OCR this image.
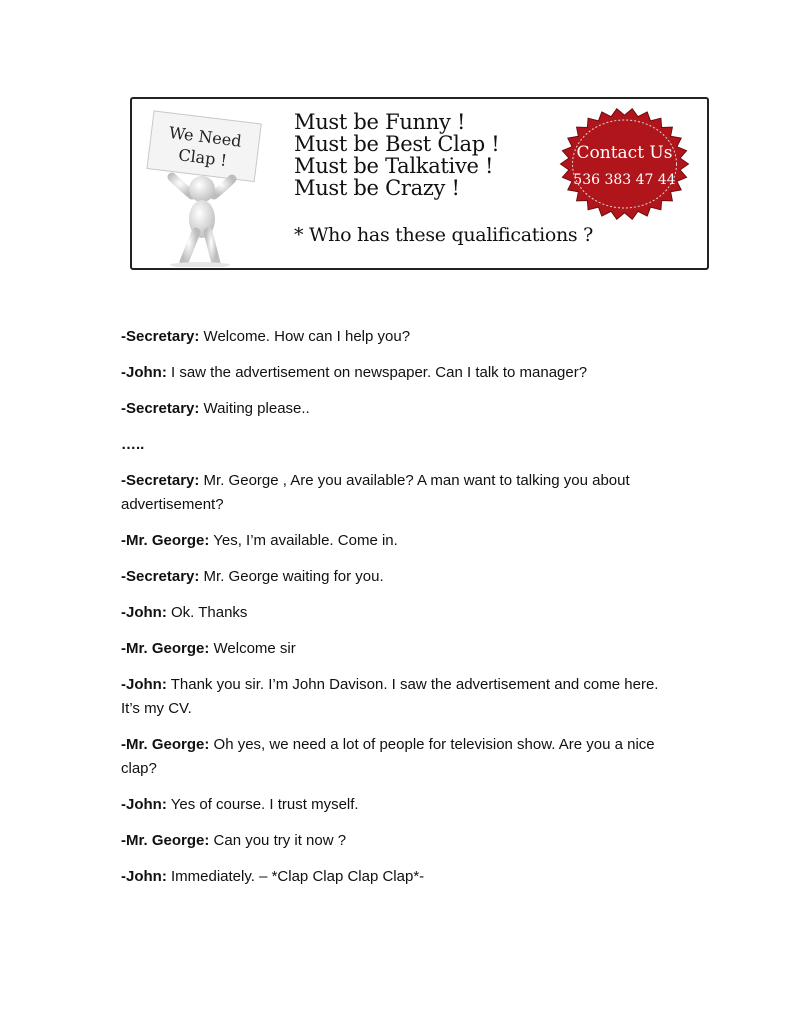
We Need
Clap !
Must be Funny !
Must be Best Clap !
Must be Talkative !
Must be Crazy !
* Who has these qualifications ?
Contact Us
536 383 47 44
-Secretary: Welcome. How can I help you?
-John: I saw the advertisement on newspaper. Can I talk to manager?
-Secretary: Waiting please..
…..
-Secretary: Mr. George , Are you available? A man want to talking you about advertisement?
-Mr. George: Yes, I’m available. Come in.
-Secretary: Mr. George waiting for you.
-John: Ok. Thanks
-Mr. George: Welcome sir
-John: Thank you sir. I’m John Davison. I saw the advertisement and come here. It’s my CV.
-Mr. George: Oh yes, we need a lot of people for television show. Are you a nice clap?
-John: Yes of course. I trust myself.
-Mr. George: Can you try it now ?
-John: Immediately. – *Clap Clap Clap Clap*-
